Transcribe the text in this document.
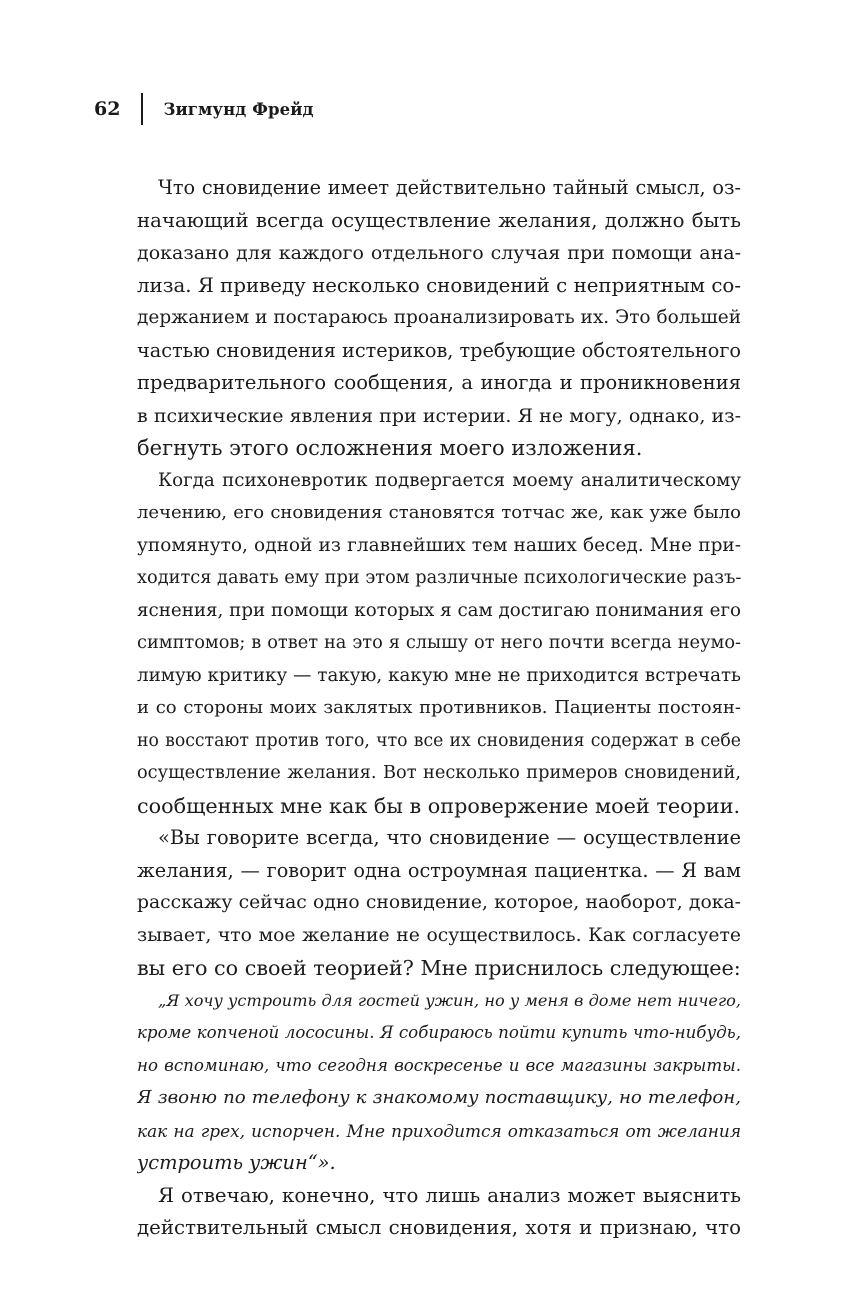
62	Зигмунд Фрейд
Что сновидение имеет действительно тайный смысл, оз-
начающий всегда осуществление желания, должно быть
доказано для каждого отдельного случая при помощи ана-
лиза. Я приведу несколько сновидений с неприятным со-
держанием и постараюсь проанализировать их. Это большей
частью сновидения истериков, требующие обстоятельного
предварительного сообщения, а иногда и проникновения
в психические явления при истерии. Я не могу, однако, из-
бегнуть этого осложнения моего изложения.
Когда психоневротик подвергается моему аналитическому
лечению, его сновидения становятся тотчас же, как уже было
упомянуто, одной из главнейших тем наших бесед. Мне при-
ходится давать ему при этом различные психологические разъ-
яснения, при помощи которых я сам достигаю понимания его
симптомов; в ответ на это я слышу от него почти всегда неумо-
лимую критику — такую, какую мне не приходится встречать
и со стороны моих заклятых противников. Пациенты постоян-
но восстают против того, что все их сновидения содержат в себе
осуществление желания. Вот несколько примеров сновидений,
сообщенных мне как бы в опровержение моей теории.
«Вы говорите всегда, что сновидение — осуществление
желания, — говорит одна остроумная пациентка. — Я вам
расскажу сейчас одно сновидение, которое, наоборот, дока-
зывает, что мое желание не осуществилось. Как согласуете
вы его со своей теорией? Мне приснилось следующее:
„Я хочу устроить для гостей ужин, но у меня в доме нет ничего,
кроме копченой лососины. Я собираюсь пойти купить что-нибудь,
но вспоминаю, что сегодня воскресенье и все магазины закрыты.
Я звоню по телефону к знакомому поставщику, но телефон,
как на грех, испорчен. Мне приходится отказаться от желания
устроить ужин“».
Я отвечаю, конечно, что лишь анализ может выяснить
действительный смысл сновидения, хотя и признаю, что
